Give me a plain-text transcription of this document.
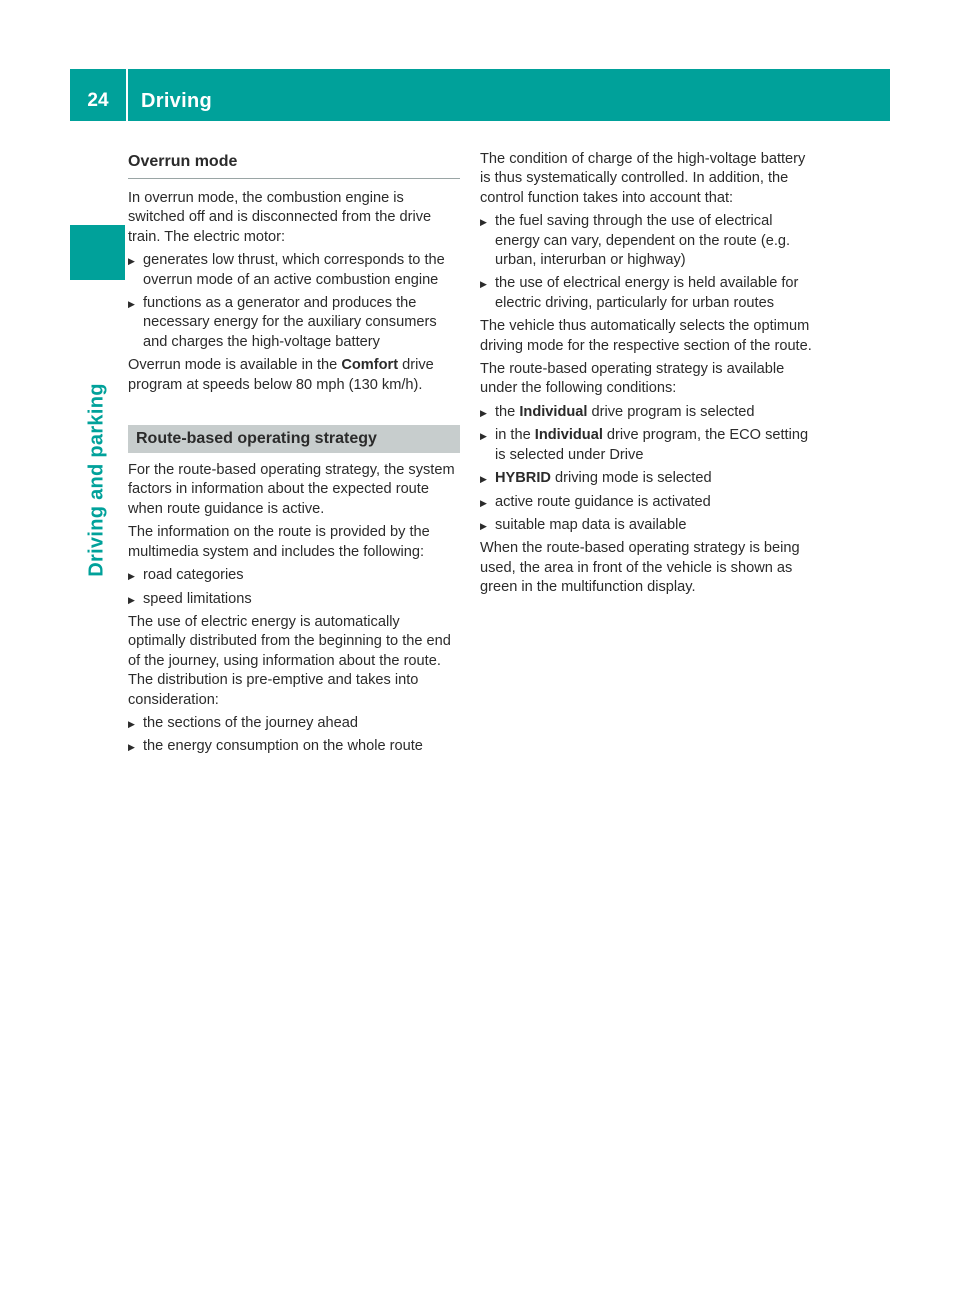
24	Driving
Driving and parking
Overrun mode

In overrun mode, the combustion engine is switched off and is disconnected from the drive train. The electric motor:

▶ generates low thrust, which corresponds to the overrun mode of an active combustion engine
▶ functions as a generator and produces the necessary energy for the auxiliary consumers and charges the high-voltage battery

Overrun mode is available in the Comfort drive program at speeds below 80 mph (130 km/h).

Route-based operating strategy

For the route-based operating strategy, the system factors in information about the expected route when route guidance is active.

The information on the route is provided by the multimedia system and includes the following:

▶ road categories
▶ speed limitations

The use of electric energy is automatically optimally distributed from the beginning to the end of the journey, using information about the route. The distribution is pre-emptive and takes into consideration:

▶ the sections of the journey ahead
▶ the energy consumption on the whole route

The condition of charge of the high-voltage battery is thus systematically controlled. In addition, the control function takes into account that:

▶ the fuel saving through the use of electrical energy can vary, dependent on the route (e.g. urban, interurban or highway)
▶ the use of electrical energy is held available for electric driving, particularly for urban routes

The vehicle thus automatically selects the optimum driving mode for the respective section of the route.

The route-based operating strategy is available under the following conditions:

▶ the Individual drive program is selected
▶ in the Individual drive program, the ECO setting is selected under Drive
▶ HYBRID driving mode is selected
▶ active route guidance is activated
▶ suitable map data is available

When the route-based operating strategy is being used, the area in front of the vehicle is shown as green in the multifunction display.
